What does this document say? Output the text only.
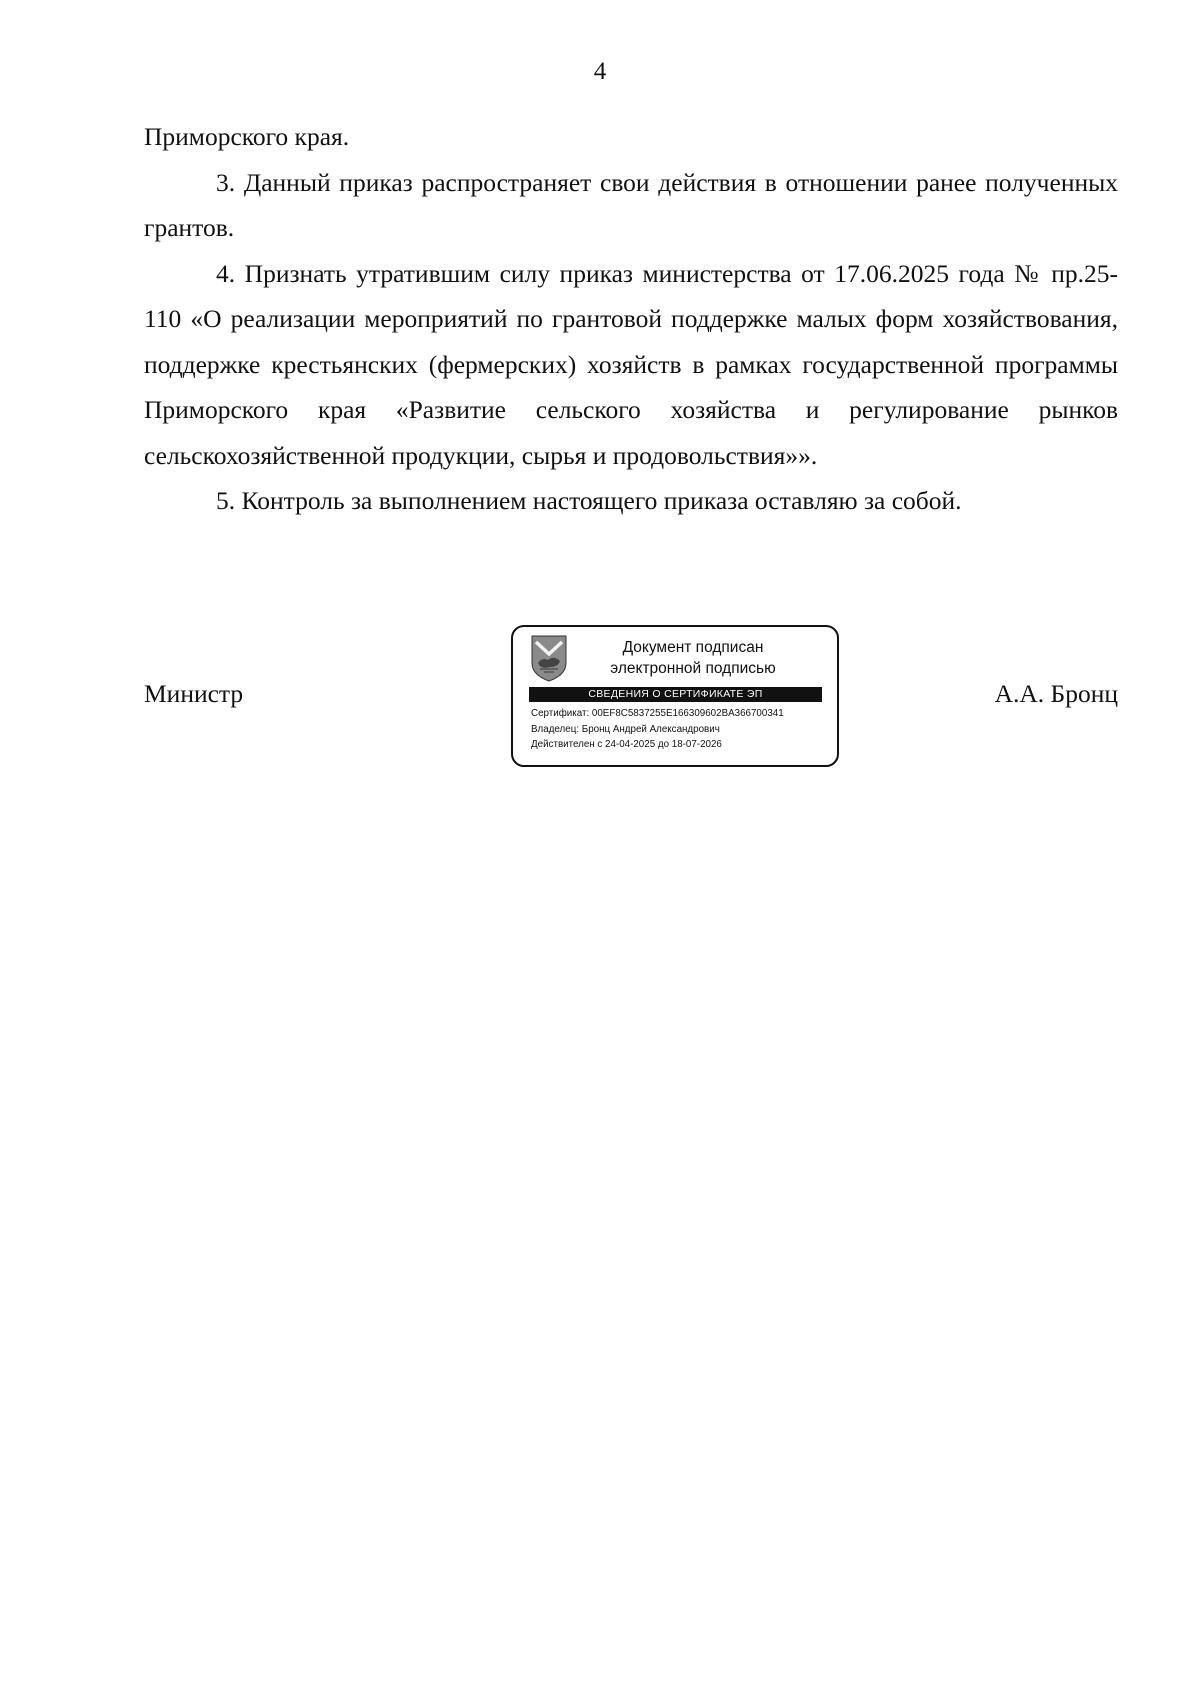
4

Приморского края.

3. Данный приказ распространяет свои действия в отношении ранее полученных грантов.

4. Признать утратившим силу приказ министерства от 17.06.2025 года № пр.25-110 «О реализации мероприятий по грантовой поддержке малых форм хозяйствования, поддержке крестьянских (фермерских) хозяйств в рамках государственной программы Приморского края «Развитие сельского хозяйства и регулирование рынков сельскохозяйственной продукции, сырья и продовольствия»».

5. Контроль за выполнением настоящего приказа оставляю за собой.

Министр	А.А. Бронц
Документ подписан
электронной подписью
СВЕДЕНИЯ О СЕРТИФИКАТЕ ЭП
Сертификат: 00EF8C5837255E166309602BA366700341
Владелец: Бронц Андрей Александрович
Действителен с 24-04-2025 до 18-07-2026
